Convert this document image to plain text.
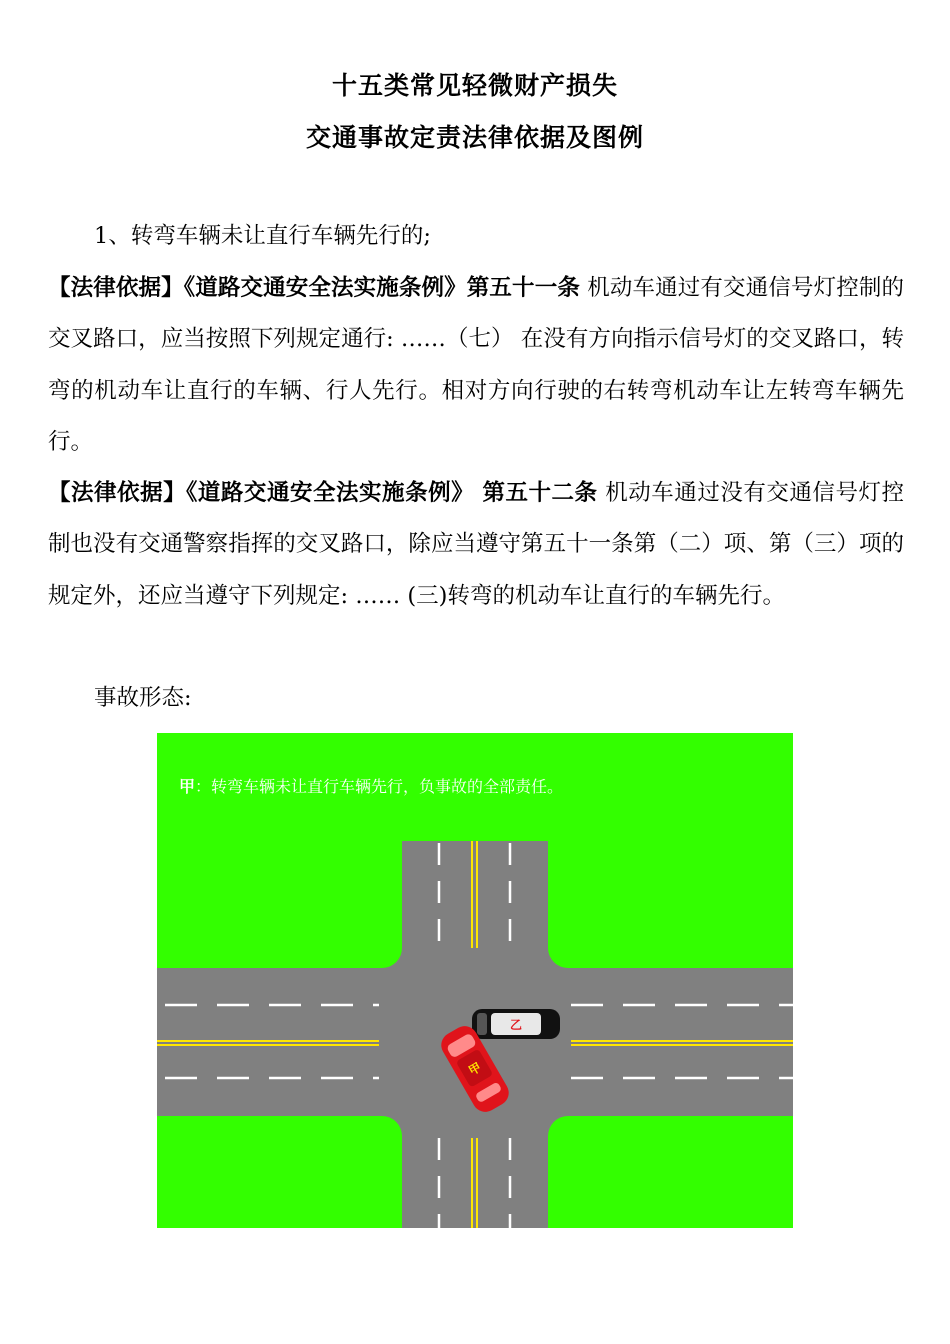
十五类常见轻微财产损失
交通事故定责法律依据及图例
1、转弯车辆未让直行车辆先行的;
【法律依据】《道路交通安全法实施条例》第五十一条 机动车通过有交通信号灯控制的交叉路口，应当按照下列规定通行: ……（七） 在没有方向指示信号灯的交叉路口，转弯的机动车让直行的车辆、行人先行。相对方向行驶的右转弯机动车让左转弯车辆先行。
【法律依据】《道路交通安全法实施条例》 第五十二条 机动车通过没有交通信号灯控制也没有交通警察指挥的交叉路口，除应当遵守第五十一条第（二）项、第（三）项的规定外，还应当遵守下列规定: …… (三)转弯的机动车让直行的车辆先行。
事故形态:
甲：转弯车辆未让直行车辆先行，负事故的全部责任。
乙
甲
